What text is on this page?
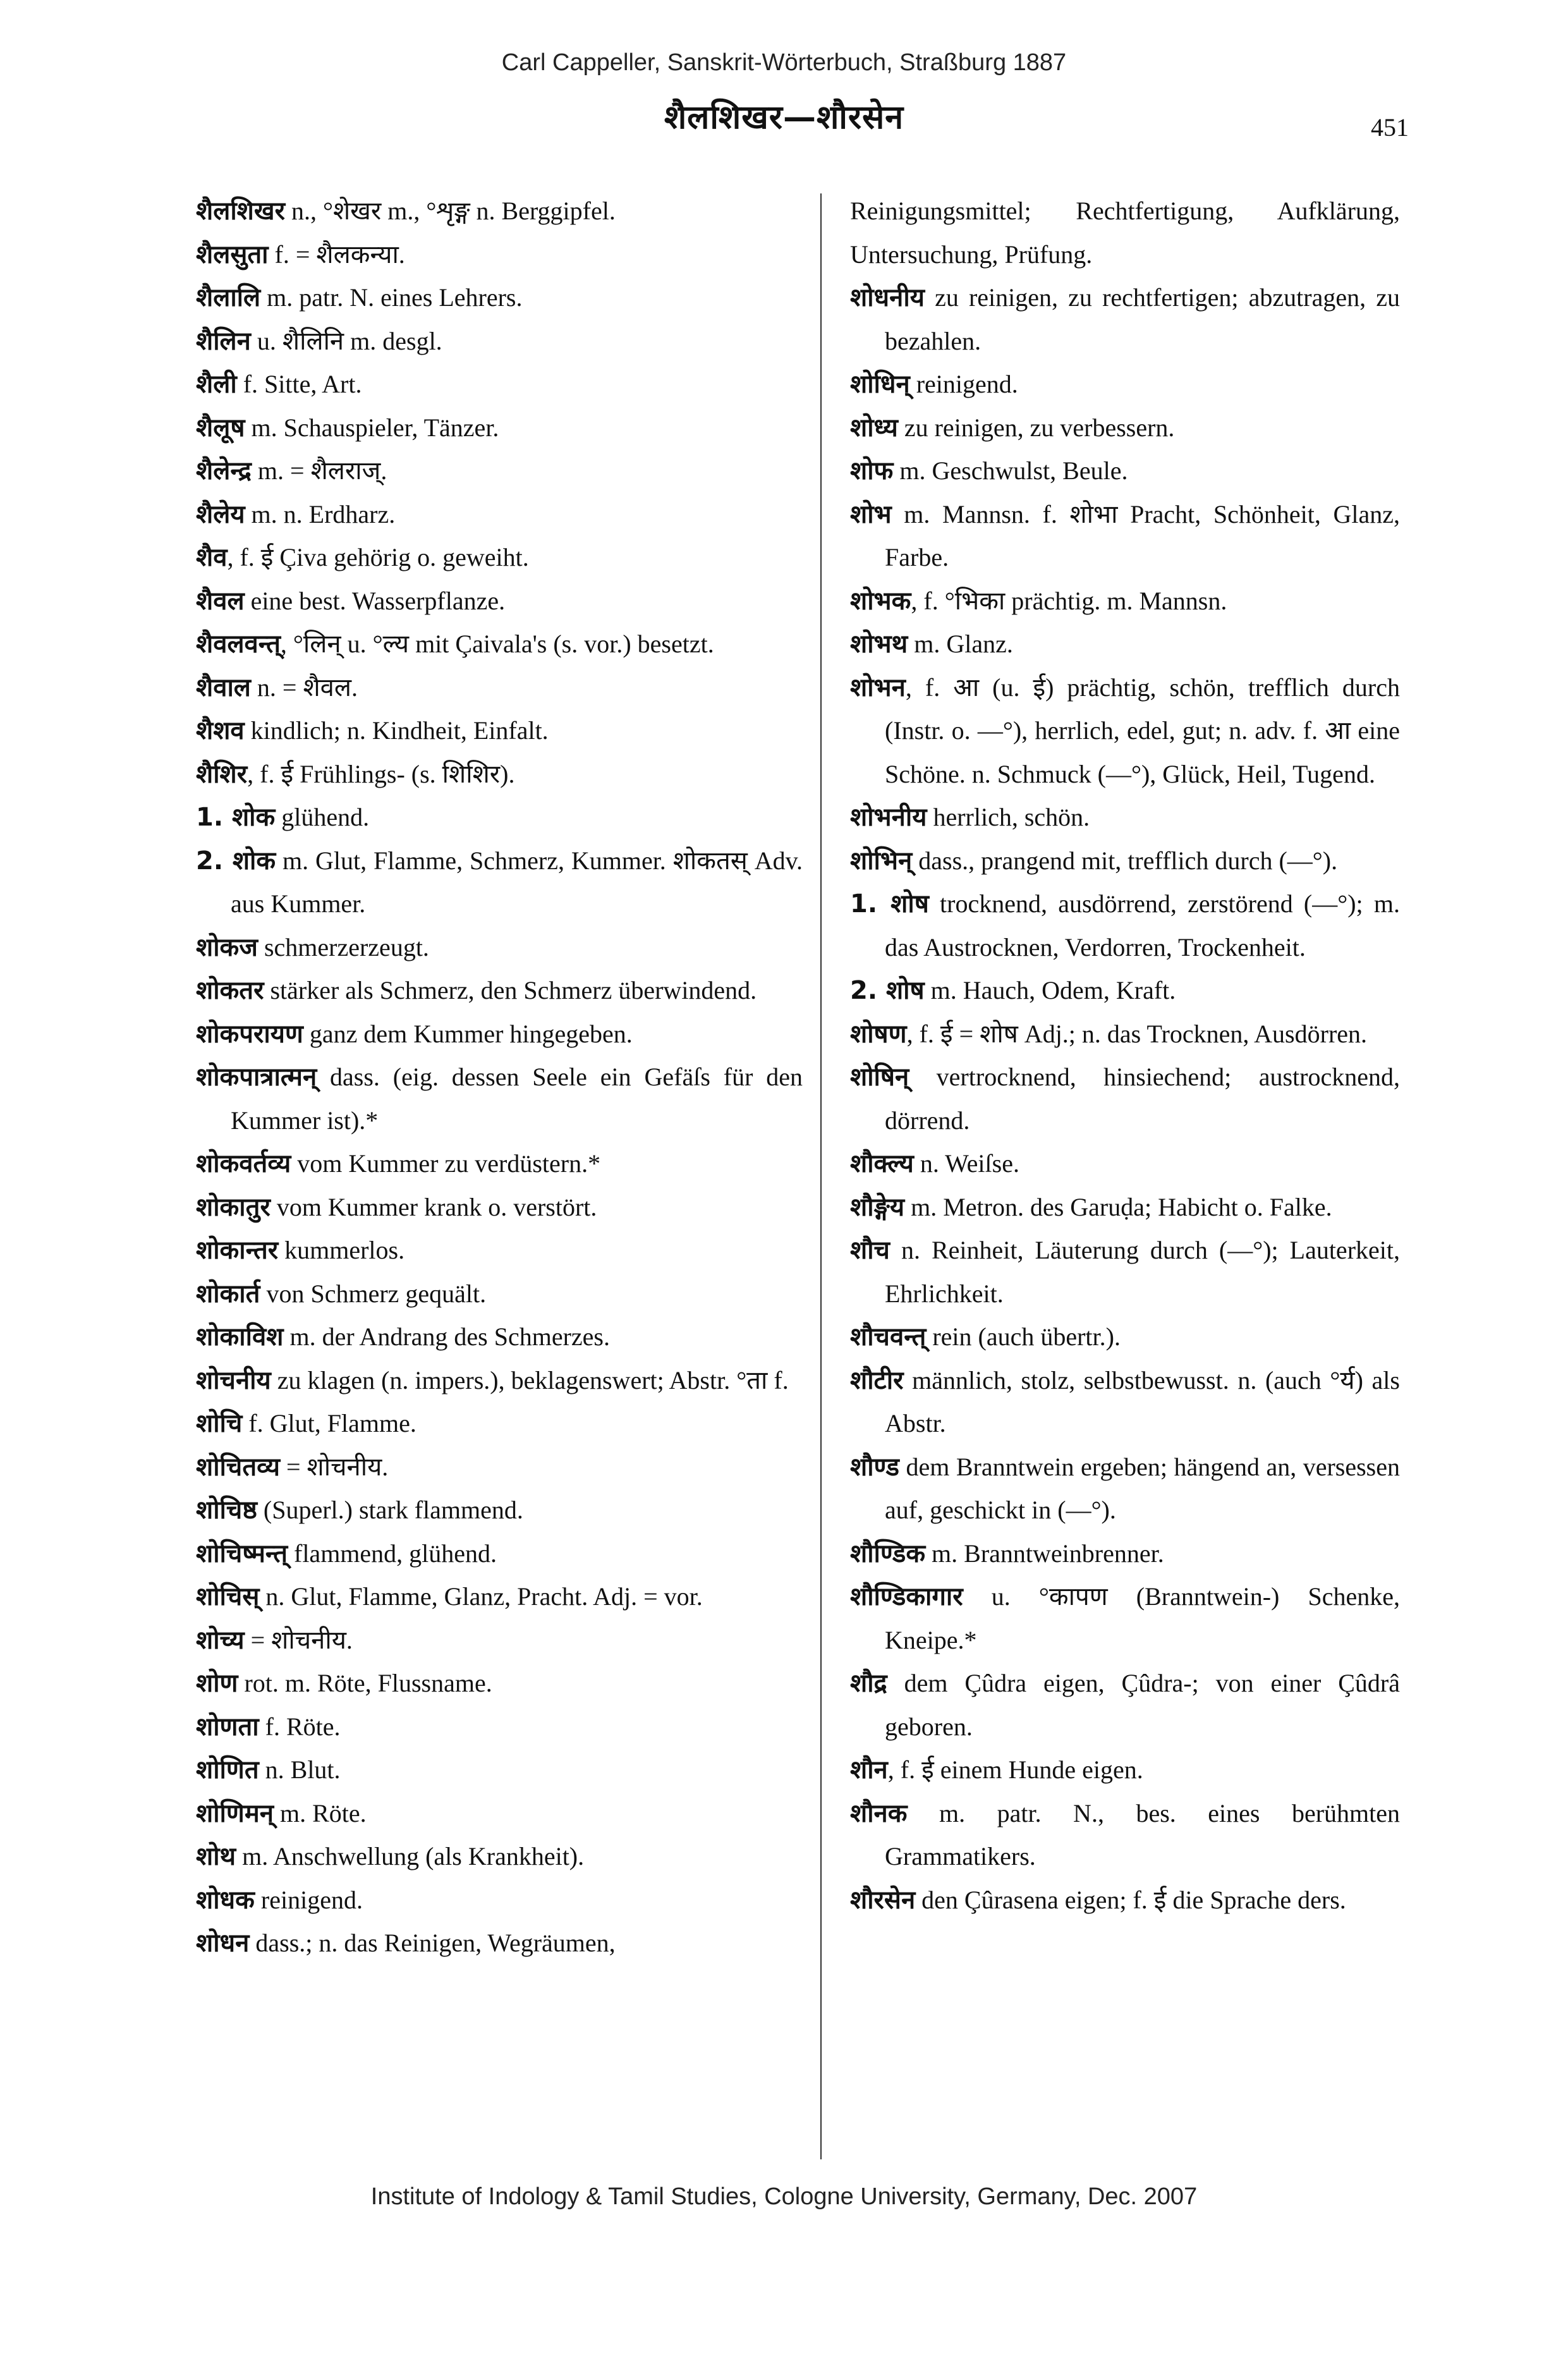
Carl Cappeller, Sanskrit-Wörterbuch, Straßburg 1887
शैलशिखर—शौरसेन	451
शैलशिखर n., °शेखर m., °शृङ्ग n. Berggipfel.
शैलसुता f. = शैलकन्या.
शैलालि m. patr. N. eines Lehrers.
शैलिन u. शैलिनि m. desgl.
शैली f. Sitte, Art.
शैलूष m. Schauspieler, Tänzer.
शैलेन्द्र m. = शैलराज्.
शैलेय m. n. Erdharz.
शैव, f. ई Çiva gehörig o. geweiht.
शैवल eine best. Wasserpflanze.
शैवलवन्त्, °लिन् u. °ल्य mit Çaivala's (s. vor.) besetzt.
शैवाल n. = शैवल.
शैशव kindlich; n. Kindheit, Einfalt.
शैशिर, f. ई Frühlings- (s. शिशिर).
1. शोक glühend.
2. शोक m. Glut, Flamme, Schmerz, Kummer. शोकतस् Adv. aus Kummer.
शोकज schmerzerzeugt.
शोकतर stärker als Schmerz, den Schmerz überwindend.
शोकपरायण ganz dem Kummer hingegeben.
शोकपात्रात्मन् dass. (eig. dessen Seele ein Gefäſs für den Kummer ist).*
शोकवर्तव्य vom Kummer zu verdüstern.*
शोकातुर vom Kummer krank o. verstört.
शोकान्तर kummerlos.
शोकार्त von Schmerz gequält.
शोकाविश m. der Andrang des Schmerzes.
शोचनीय zu klagen (n. impers.), beklagenswert; Abstr. °ता f.
शोचि f. Glut, Flamme.
शोचितव्य = शोचनीय.
शोचिष्ठ (Superl.) stark flammend.
शोचिष्मन्त् flammend, glühend.
शोचिस् n. Glut, Flamme, Glanz, Pracht. Adj. = vor.
शोच्य = शोचनीय.
शोण rot. m. Röte, Flussname.
शोणता f. Röte.
शोणित n. Blut.
शोणिमन् m. Röte.
शोथ m. Anschwellung (als Krankheit).
शोधक reinigend.
शोधन dass.; n. das Reinigen, Wegräumen,
Reinigungsmittel; Rechtfertigung, Aufklärung, Untersuchung, Prüfung.
शोधनीय zu reinigen, zu rechtfertigen; abzutragen, zu bezahlen.
शोधिन् reinigend.
शोध्य zu reinigen, zu verbessern.
शोफ m. Geschwulst, Beule.
शोभ m. Mannsn. f. शोभा Pracht, Schönheit, Glanz, Farbe.
शोभक, f. °भिका prächtig. m. Mannsn.
शोभथ m. Glanz.
शोभन, f. आ (u. ई) prächtig, schön, trefflich durch (Instr. o. —°), herrlich, edel, gut; n. adv. f. आ eine Schöne. n. Schmuck (—°), Glück, Heil, Tugend.
शोभनीय herrlich, schön.
शोभिन् dass., prangend mit, trefflich durch (—°).
1. शोष trocknend, ausdörrend, zerstörend (—°); m. das Austrocknen, Verdorren, Trockenheit.
2. शोष m. Hauch, Odem, Kraft.
शोषण, f. ई = शोष Adj.; n. das Trocknen, Ausdörren.
शोषिन् vertrocknend, hinsiechend; austrocknend, dörrend.
शौक्ल्य n. Weiſse.
शौङ्गेय m. Metron. des Garuḍa; Habicht o. Falke.
शौच n. Reinheit, Läuterung durch (—°); Lauterkeit, Ehrlichkeit.
शौचवन्त् rein (auch übertr.).
शौटीर männlich, stolz, selbstbewusst. n. (auch °र्य) als Abstr.
शौण्ड dem Branntwein ergeben; hängend an, versessen auf, geschickt in (—°).
शौण्डिक m. Branntweinbrenner.
शौण्डिकागार u. °कापण (Branntwein-) Schenke, Kneipe.*
शौद्र dem Çûdra eigen, Çûdra-; von einer Çûdrâ geboren.
शौन, f. ई einem Hunde eigen.
शौनक m. patr. N., bes. eines berühmten Grammatikers.
शौरसेन den Çûrasena eigen; f. ई die Sprache ders.
Institute of Indology & Tamil Studies, Cologne University, Germany, Dec. 2007
